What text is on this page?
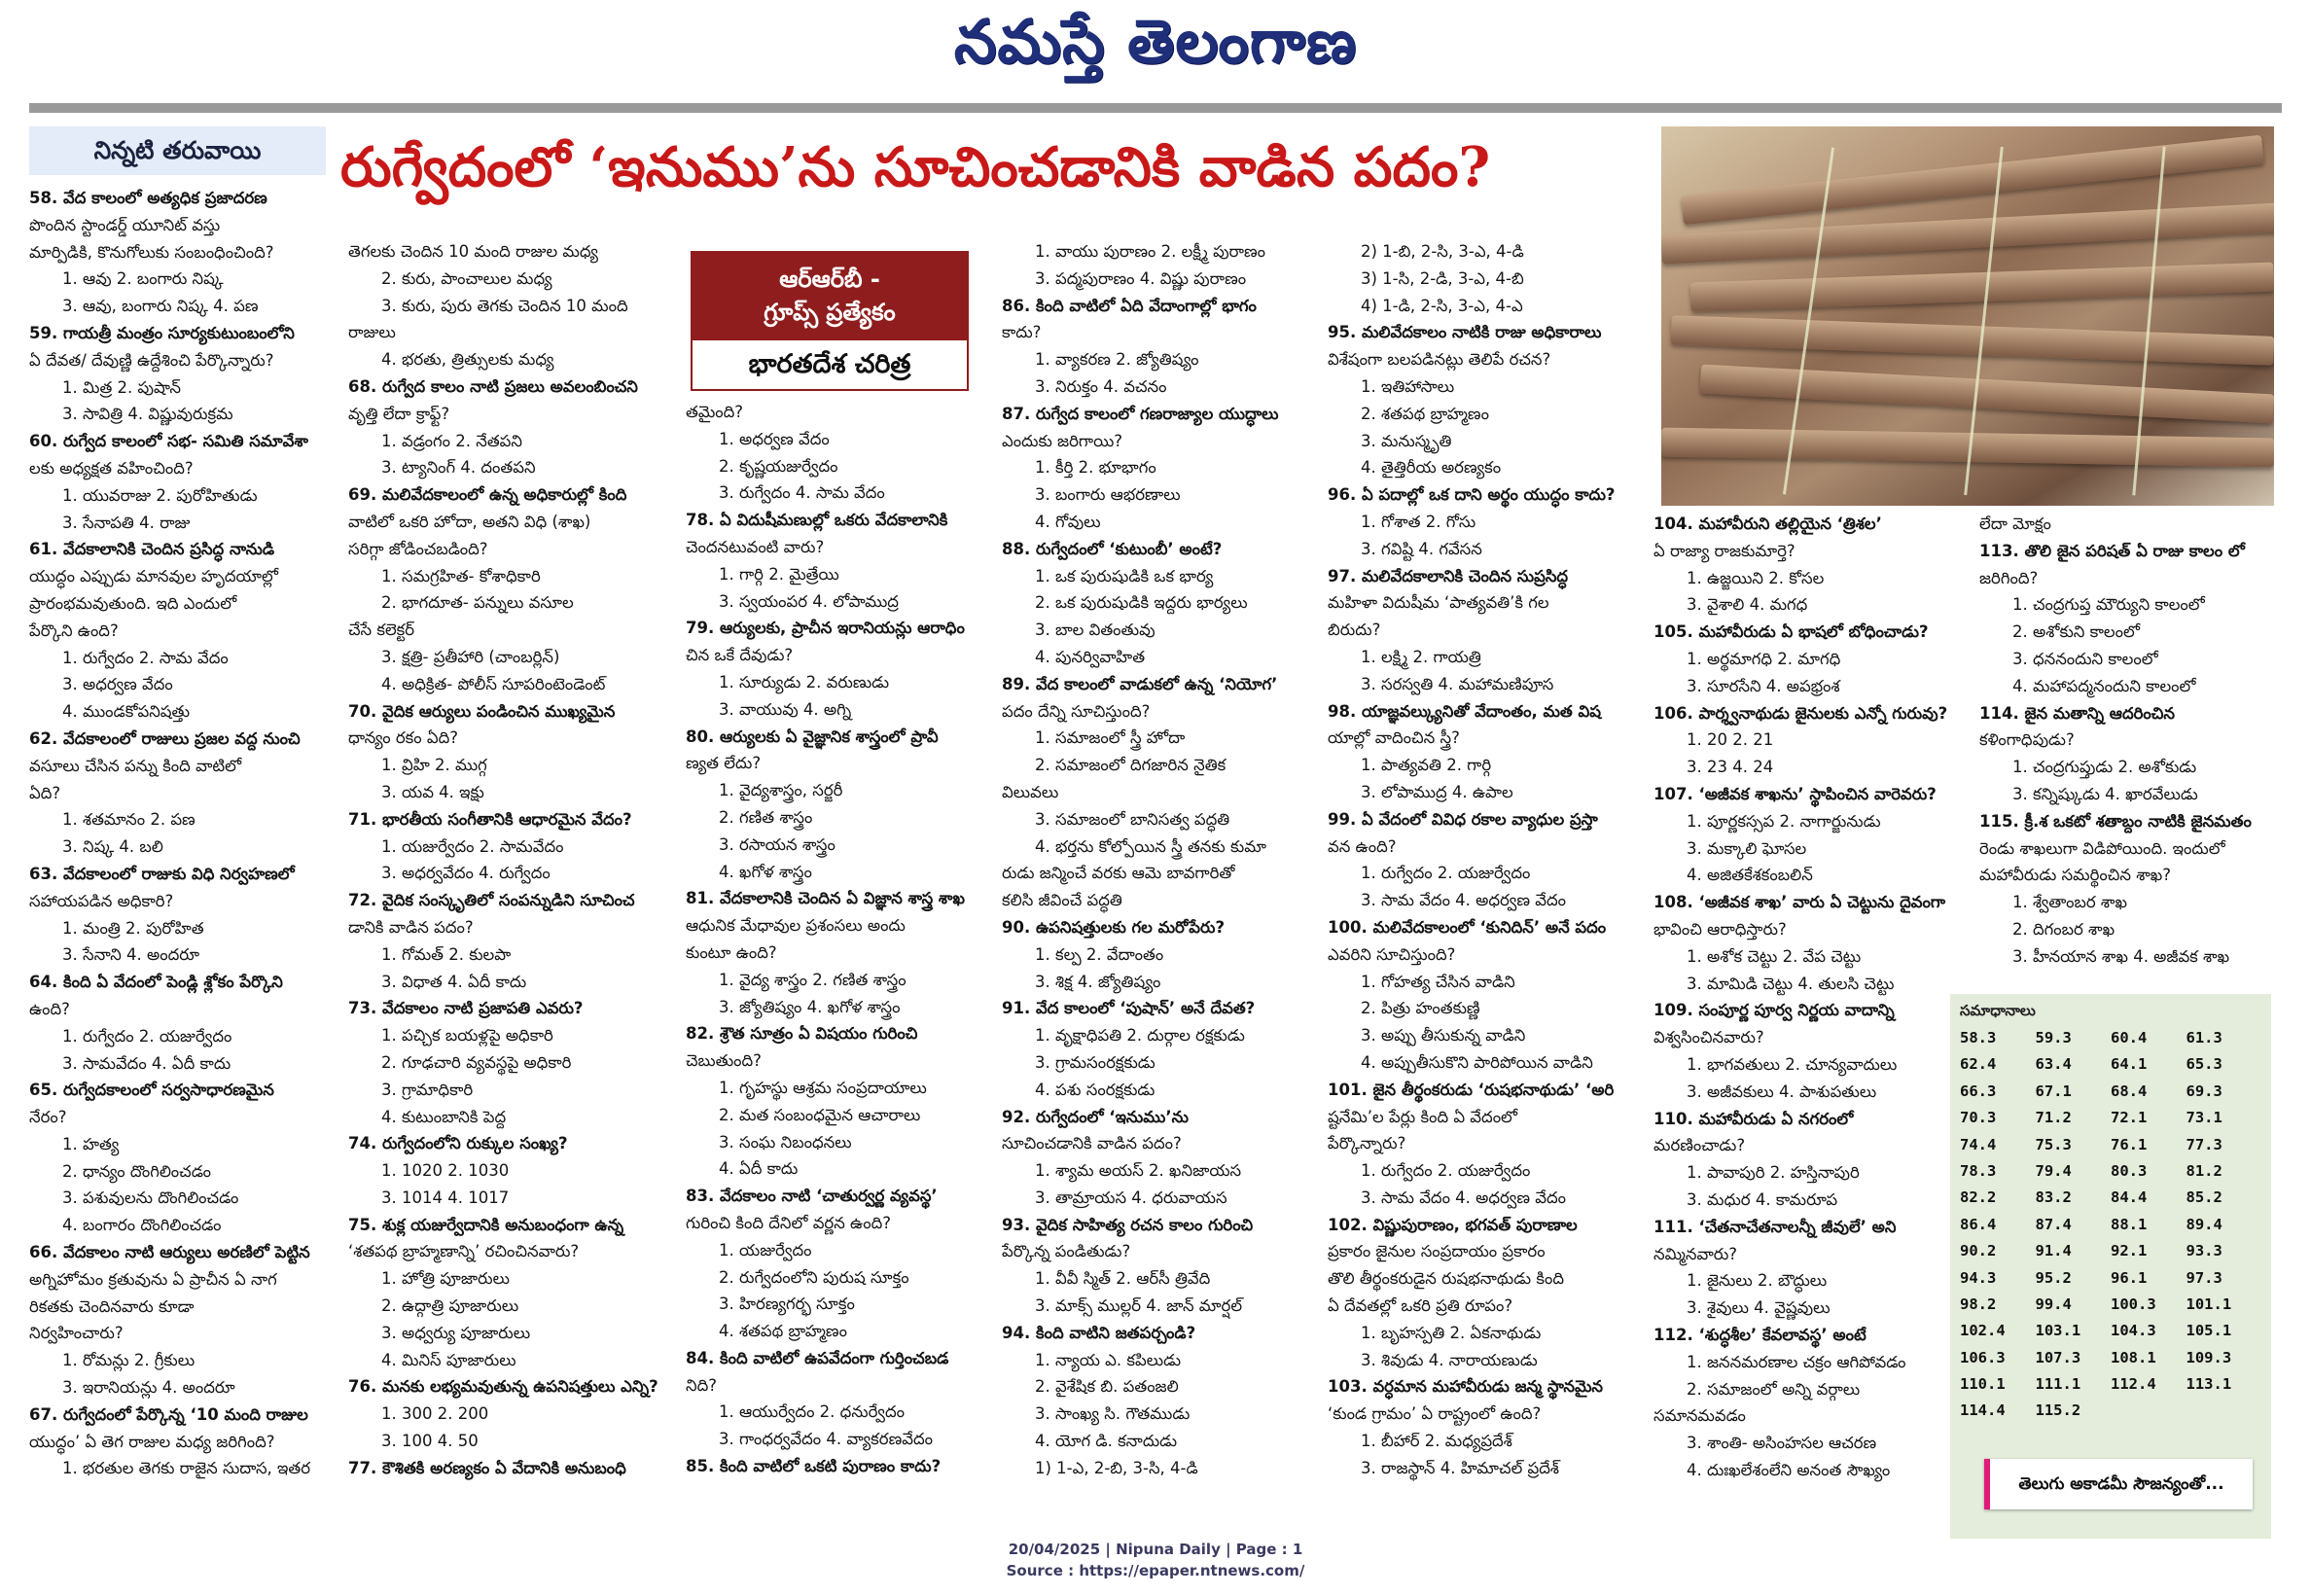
నమస్తే తెలంగాణ
నిన్నటి తరువాయి	రుగ్వేదంలో ‘ఇనుము’ను సూచించడానికి వాడిన పదం?
ఆర్ఆర్‌బీ -
గ్రూప్స్ ప్రత్యేకం
భారతదేశ చరిత్ర
58. వేద కాలంలో అత్యధిక ప్రజాదరణ
పొందిన స్టాండర్డ్ యూనిట్ వస్తు
మార్పిడికి, కొనుగోలుకు సంబంధించింది?
1. ఆవు 2. బంగారు నిష్క
3. ఆవు, బంగారు నిష్క 4. పణ
59. గాయత్రీ మంత్రం సూర్యకుటుంబంలోని
ఏ దేవత/ దేవుణ్ణి ఉద్దేశించి పేర్కొన్నారు?
1. మిత్ర 2. పుషాన్
3. సావిత్రి 4. విష్ణువురుక్రమ
60. రుగ్వేద కాలంలో సభ- సమితి సమావేశా
లకు అధ్యక్షత వహించింది?
1. యువరాజు 2. పురోహితుడు
3. సేనాపతి 4. రాజు
61. వేదకాలానికి చెందిన ప్రసిద్ధ నానుడి
యుద్ధం ఎప్పుడు మానవుల హృదయాల్లో
ప్రారంభమవుతుంది. ఇది ఎందులో
పేర్కొని ఉంది?
1. రుగ్వేదం 2. సామ వేదం
3. అధర్వణ వేదం
4. ముండకోపనిషత్తు
62. వేదకాలంలో రాజులు ప్రజల వద్ద నుంచి
వసూలు చేసిన పన్ను కింది వాటిలో
ఏది?
1. శతమానం 2. పణ
3. నిష్క 4. బలి
63. వేదకాలంలో రాజుకు విధి నిర్వహణలో
సహాయపడిన అధికారి?
1. మంత్రి 2. పురోహిత
3. సేనాని 4. అందరూ
64. కింది ఏ వేదంలో పెండ్లి శ్లోకం పేర్కొని
ఉంది?
1. రుగ్వేదం 2. యజుర్వేదం
3. సామవేదం 4. ఏదీ కాదు
65. రుగ్వేదకాలంలో సర్వసాధారణమైన
నేరం?
1. హత్య
2. ధాన్యం దొంగిలించడం
3. పశువులను దొంగిలించడం
4. బంగారం దొంగిలించడం
66. వేదకాలం నాటి ఆర్యులు అరణిలో పెట్టిన
అగ్నిహోమం క్రతువును ఏ ప్రాచీన ఏ నాగ
రికతకు చెందినవారు కూడా
నిర్వహించారు?
1. రోమన్లు 2. గ్రీకులు
3. ఇరానియన్లు 4. అందరూ
67. రుగ్వేదంలో పేర్కొన్న ‘10 మంది రాజుల
యుద్ధం’ ఏ తెగ రాజుల మధ్య జరిగింది?
1. భరతుల తెగకు రాజైన సుదాస, ఇతర
తెగలకు చెందిన 10 మంది రాజుల మధ్య
2. కురు, పాంచాలుల మధ్య
3. కురు, పురు తెగకు చెందిన 10 మంది
రాజులు
4. భరతు, త్రిత్సులకు మధ్య
68. రుగ్వేద కాలం నాటి ప్రజలు అవలంబించని
వృత్తి లేదా క్రాఫ్ట్?
1. వడ్రంగం 2. నేతపని
3. ట్యానింగ్ 4. దంతపని
69. మలివేదకాలంలో ఉన్న అధికారుల్లో కింది
వాటిలో ఒకరి హోదా, అతని విధి (శాఖ)
సరిగ్గా జోడించబడింది?
1. సమగ్రహిత- కోశాధికారి
2. భాగదూత- పన్నులు వసూల
చేసే కలెక్టర్
3. క్షత్రి- ప్రతీహారి (చాంబర్లిన్)
4. అధిక్రిత- పోలీస్ సూపరింటెండెంట్
70. వైదిక ఆర్యులు పండించిన ముఖ్యమైన
ధాన్యం రకం ఏది?
1. వ్రిహి 2. ముగ్గ
3. యవ 4. ఇక్షు
71. భారతీయ సంగీతానికి ఆధారమైన వేదం?
1. యజుర్వేదం 2. సామవేదం
3. అధర్వవేదం 4. రుగ్వేదం
72. వైదిక సంస్కృతిలో సంపన్నుడిని సూచించ
డానికి వాడిన పదం?
1. గోమత్ 2. కులపా
3. విధాత 4. ఏదీ కాదు
73. వేదకాలం నాటి ప్రజాపతి ఎవరు?
1. పచ్చిక బయళ్లపై అధికారి
2. గూఢచారి వ్యవస్థపై అధికారి
3. గ్రామాధికారి
4. కుటుంబానికి పెద్ద
74. రుగ్వేదంలోని రుక్కుల సంఖ్య?
1. 1020 2. 1030
3. 1014 4. 1017
75. శుక్ల యజుర్వేదానికి అనుబంధంగా ఉన్న
‘శతపథ బ్రాహ్మణాన్ని’ రచించినవారు?
1. హోత్రి పూజారులు
2. ఉద్గాత్రి పూజారులు
3. అధ్వర్యు పూజారులు
4. మినిస్ పూజారులు
76. మనకు లభ్యమవుతున్న ఉపనిషత్తులు ఎన్ని?
1. 300 2. 200
3. 100 4. 50
77. కౌశితకి అరణ్యకం ఏ వేదానికి అనుబంధి
తమైంది?
1. అధర్వణ వేదం
2. కృష్ణయజుర్వేదం
3. రుగ్వేదం 4. సామ వేదం
78. ఏ విదుషీమణుల్లో ఒకరు వేదకాలానికి
చెందనటువంటి వారు?
1. గార్గి 2. మైత్రేయి
3. స్వయంపర 4. లోపాముద్ర
79. ఆర్యులకు, ప్రాచీన ఇరానియన్లు ఆరాధిం
చిన ఒకే దేవుడు?
1. సూర్యుడు 2. వరుణుడు
3. వాయువు 4. అగ్ని
80. ఆర్యులకు ఏ వైజ్ఞానిక శాస్త్రంలో ప్రావీ
ణ్యత లేదు?
1. వైద్యశాస్త్రం, సర్జరీ
2. గణిత శాస్త్రం
3. రసాయన శాస్త్రం
4. ఖగోళ శాస్త్రం
81. వేదకాలానికి చెందిన ఏ విజ్ఞాన శాస్త్ర శాఖ
ఆధునిక మేధావుల ప్రశంసలు అందు
కుంటూ ఉంది?
1. వైద్య శాస్త్రం 2. గణిత శాస్త్రం
3. జ్యోతిష్యం 4. ఖగోళ శాస్త్రం
82. శ్రౌత సూత్రం ఏ విషయం గురించి
చెబుతుంది?
1. గృహస్థు ఆశ్రమ సంప్రదాయాలు
2. మత సంబంధమైన ఆచారాలు
3. సంఘ నిబంధనలు
4. ఏదీ కాదు
83. వేదకాలం నాటి ‘చాతుర్వర్ణ వ్యవస్థ’
గురించి కింది దేనిలో వర్ణన ఉంది?
1. యజుర్వేదం
2. రుగ్వేదంలోని పురుష సూక్తం
3. హిరణ్యగర్భ సూక్తం
4. శతపథ బ్రాహ్మణం
84. కింది వాటిలో ఉపవేదంగా గుర్తించబడ
నిది?
1. ఆయుర్వేదం 2. ధనుర్వేదం
3. గాంధర్వవేదం 4. వ్యాకరణవేదం
85. కింది వాటిలో ఒకటి పురాణం కాదు?
1. వాయు పురాణం 2. లక్ష్మీ పురాణం
3. పద్మపురాణం 4. విష్ణు పురాణం
86. కింది వాటిలో ఏది వేదాంగాల్లో భాగం
కాదు?
1. వ్యాకరణ 2. జ్యోతిష్యం
3. నిరుక్తం 4. వచనం
87. రుగ్వేద కాలంలో గణరాజ్యాల యుద్ధాలు
ఎందుకు జరిగాయి?
1. కీర్తి 2. భూభాగం
3. బంగారు ఆభరణాలు
4. గోవులు
88. రుగ్వేదంలో ‘కుటుంబీ’ అంటే?
1. ఒక పురుషుడికి ఒక భార్య
2. ఒక పురుషుడికి ఇద్దరు భార్యలు
3. బాల వితంతువు
4. పునర్వివాహిత
89. వేద కాలంలో వాడుకలో ఉన్న ‘నియోగ’
పదం దేన్ని సూచిస్తుంది?
1. సమాజంలో స్త్రీ హోదా
2. సమాజంలో దిగజారిన నైతిక
విలువలు
3. సమాజంలో బానిసత్వ పద్ధతి
4. భర్తను కోల్పోయిన స్త్రీ తనకు కుమా
రుడు జన్మించే వరకు ఆమె బావగారితో
కలిసి జీవించే పద్ధతి
90. ఉపనిషత్తులకు గల మరోపేరు?
1. కల్ప 2. వేదాంతం
3. శిక్ష 4. జ్యోతిష్యం
91. వేద కాలంలో ‘పుషాన్’ అనే దేవత?
1. వృక్షాధిపతి 2. దుర్గాల రక్షకుడు
3. గ్రామసంరక్షకుడు
4. పశు సంరక్షకుడు
92. రుగ్వేదంలో ‘ఇనుము’ను
సూచించడానికి వాడిన పదం?
1. శ్యామ అయస్ 2. ఖనిజాయస
3. తామ్రాయస 4. ధరువాయస
93. వైదిక సాహిత్య రచన కాలం గురించి
పేర్కొన్న పండితుడు?
1. వీవీ స్మిత్ 2. ఆర్‌సీ త్రివేది
3. మాక్స్ ముల్లర్ 4. జాన్ మార్షల్
94. కింది వాటిని జతపర్చండి?
1. న్యాయ ఎ. కపిలుడు
2. వైశేషిక బి. పతంజలి
3. సాంఖ్య సి. గౌతముడు
4. యోగ డి. కనాదుడు
1) 1-ఎ, 2-బి, 3-సి, 4-డి
2) 1-బి, 2-సి, 3-ఎ, 4-డి
3) 1-సి, 2-డి, 3-ఎ, 4-బి
4) 1-డి, 2-సి, 3-ఎ, 4-ఎ
95. మలివేదకాలం నాటికి రాజు అధికారాలు
విశేషంగా బలపడినట్లు తెలిపే రచన?
1. ఇతిహాసాలు
2. శతపథ బ్రాహ్మణం
3. మనుస్మృతి
4. తైత్తిరీయ అరణ్యకం
96. ఏ పదాల్లో ఒక దాని అర్థం యుద్ధం కాదు?
1. గోశాత 2. గోసు
3. గవిష్టి 4. గవేసన
97. మలివేదకాలానికి చెందిన సుప్రసిద్ధ
మహిళా విదుషీమ ‘పాత్యవతి’కి గల
బిరుదు?
1. లక్ష్మి 2. గాయత్రి
3. సరస్వతి 4. మహామణిపూస
98. యాజ్ఞవల్క్యునితో వేదాంతం, మత విష
యాల్లో వాదించిన స్త్రీ?
1. పాత్యవతి 2. గార్గి
3. లోపాముద్ర 4. ఉపాల
99. ఏ వేదంలో వివిధ రకాల వ్యాధుల ప్రస్తా
వన ఉంది?
1. రుగ్వేదం 2. యజుర్వేదం
3. సామ వేదం 4. అధర్వణ వేదం
100. మలివేదకాలంలో ‘కునిదిన్’ అనే పదం
ఎవరిని సూచిస్తుంది?
1. గోహత్య చేసిన వాడిని
2. పిత్రు హంతకుణ్ణి
3. అప్పు తీసుకున్న వాడిని
4. అప్పుతీసుకొని పారిపోయిన వాడిని
101. జైన తీర్థంకరుడు ‘రుషభనాథుడు’ ‘అరి
ష్టనేమి’ల పేర్లు కింది ఏ వేదంలో
పేర్కొన్నారు?
1. రుగ్వేదం 2. యజుర్వేదం
3. సామ వేదం 4. అధర్వణ వేదం
102. విష్ణుపురాణం, భగవత్ పురాణాల
ప్రకారం జైనుల సంప్రదాయం ప్రకారం
తొలి తీర్థంకరుడైన రుషభనాథుడు కింది
ఏ దేవతల్లో ఒకరి ప్రతి రూపం?
1. బృహస్పతి 2. ఏకనాథుడు
3. శివుడు 4. నారాయణుడు
103. వర్ధమాన మహావీరుడు జన్మ స్థానమైన
‘కుండ గ్రామం’ ఏ రాష్ట్రంలో ఉంది?
1. బీహార్ 2. మధ్యప్రదేశ్
3. రాజస్థాన్ 4. హిమాచల్ ప్రదేశ్
104. మహావీరుని తల్లియైన ‘త్రిశల’
ఏ రాజ్యా రాజకుమార్తె?
1. ఉజ్జయిని 2. కోసల
3. వైశాలి 4. మగధ
105. మహావీరుడు ఏ భాషలో బోధించాడు?
1. అర్థమాగధి 2. మాగధి
3. సూరసేని 4. అపభ్రంశ
106. పార్శ్వనాథుడు జైనులకు ఎన్నో గురువు?
1. 20 2. 21
3. 23 4. 24
107. ‘అజీవక శాఖను’ స్థాపించిన వారెవరు?
1. పూర్ణకస్సప 2. నాగార్జునుడు
3. మక్కాలి ఘోసల
4. అజితకేశకంబలిన్
108. ‘అజీవక శాఖ’ వారు ఏ చెట్టును దైవంగా
భావించి ఆరాధిస్తారు?
1. అశోక చెట్టు 2. వేప చెట్టు
3. మామిడి చెట్టు 4. తులసి చెట్టు
109. సంపూర్ణ పూర్వ నిర్ణయ వాదాన్ని
విశ్వసించినవారు?
1. భాగవతులు 2. చూన్యవాదులు
3. అజీవకులు 4. పాశుపతులు
110. మహావీరుడు ఏ నగరంలో
మరణించాడు?
1. పావాపురి 2. హస్తినాపురి
3. మధుర 4. కామరూప
111. ‘చేతనాచేతనాలన్నీ జీవులే’ అని
నమ్మినవారు?
1. జైనులు 2. బౌద్ధులు
3. శైవులు 4. వైష్ణవులు
112. ‘శుద్ధశీల’ కేవలావస్థ’ అంటే
1. జననమరణాల చక్రం ఆగిపోవడం
2. సమాజంలో అన్ని వర్గాలు
సమానమవడం
3. శాంతి- అసింహసల ఆచరణ
4. దుఃఖలేశంలేని అనంత సౌఖ్యం
లేదా మోక్షం
113. తొలి జైన పరిషత్ ఏ రాజు కాలం లో
జరిగింది?
1. చంద్రగుప్త మౌర్యుని కాలంలో
2. అశోకుని కాలంలో
3. ధననందుని కాలంలో
4. మహాపద్మనందుని కాలంలో
114. జైన మతాన్ని ఆదరించిన
కళింగాధిపుడు?
1. చంద్రగుప్తుడు 2. అశోకుడు
3. కన్నిష్కుడు 4. ఖారవేలుడు
115. క్రీ.శ ఒకటో శతాబ్దం నాటికి జైనమతం
రెండు శాఖలుగా విడిపోయింది. ఇందులో
మహావీరుడు సమర్థించిన శాఖ?
1. శ్వేతాంబర శాఖ
2. దిగంబర శాఖ
3. హీనయాన శాఖ 4. అజీవక శాఖ
సమాధానాలు
58.3	59.3	60.4	61.3
62.4	63.4	64.1	65.3
66.3	67.1	68.4	69.3
70.3	71.2	72.1	73.1
74.4	75.3	76.1	77.3
78.3	79.4	80.3	81.2
82.2	83.2	84.4	85.2
86.4	87.4	88.1	89.4
90.2	91.4	92.1	93.3
94.3	95.2	96.1	97.3
98.2	99.4	100.3	101.1
102.4	103.1	104.3	105.1
106.3	107.3	108.1	109.3
110.1	111.1	112.4	113.1
114.4	115.2
తెలుగు అకాడమీ సౌజన్యంతో...
20/04/2025 | Nipuna Daily | Page : 1
Source : https://epaper.ntnews.com/
